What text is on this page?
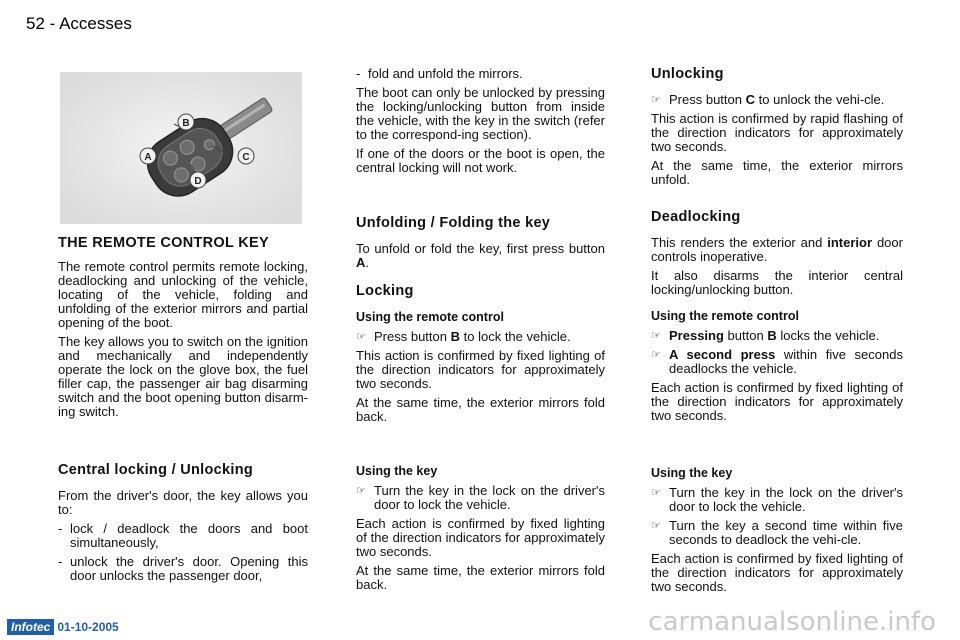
52 - Accesses
B
C
D
A
THE REMOTE CONTROL KEY

The remote control permits remote locking, deadlocking and unlocking of the vehicle, locating of the vehicle, folding and unfolding of the exterior mirrors and partial opening of the boot.

The key allows you to switch on the ignition and mechanically and independently operate the lock on the glove box, the fuel filler cap, the passenger air bag disarming switch and the boot opening button disarm-ing switch.

Central locking / Unlocking

From the driver's door, the key allows you to:

- lock / deadlock the doors and boot simultaneously,
- unlock the driver's door. Opening this door unlocks the passenger door,
- fold and unfold the mirrors.

The boot can only be unlocked by pressing the locking/unlocking button from inside the vehicle, with the key in the switch (refer to the correspond-ing section).

If one of the doors or the boot is open, the central locking will not work.

Unfolding / Folding the key

To unfold or fold the key, first press button A.

Locking
Using the remote control
☞ Press button B to lock the vehicle.

This action is confirmed by fixed lighting of the direction indicators for approximately two seconds.

At the same time, the exterior mirrors fold back.

Using the key
☞ Turn the key in the lock on the driver's door to lock the vehicle.

Each action is confirmed by fixed lighting of the direction indicators for approximately two seconds.

At the same time, the exterior mirrors fold back.

Unlocking
☞ Press button C to unlock the vehi-cle.

This action is confirmed by rapid flashing of the direction indicators for approximately two seconds.

At the same time, the exterior mirrors unfold.

Deadlocking

This renders the exterior and interior door controls inoperative.

It also disarms the interior central locking/unlocking button.

Using the remote control
☞ Pressing button B locks the vehicle.
☞ A second press within five seconds deadlocks the vehicle.

Each action is confirmed by fixed lighting of the direction indicators for approximately two seconds.

Using the key
☞ Turn the key in the lock on the driver's door to lock the vehicle.
☞ Turn the key a second time within five seconds to deadlock the vehi-cle.

Each action is confirmed by fixed lighting of the direction indicators for approximately two seconds.

Infotec 01-10-2005	carmanualsonline.info
